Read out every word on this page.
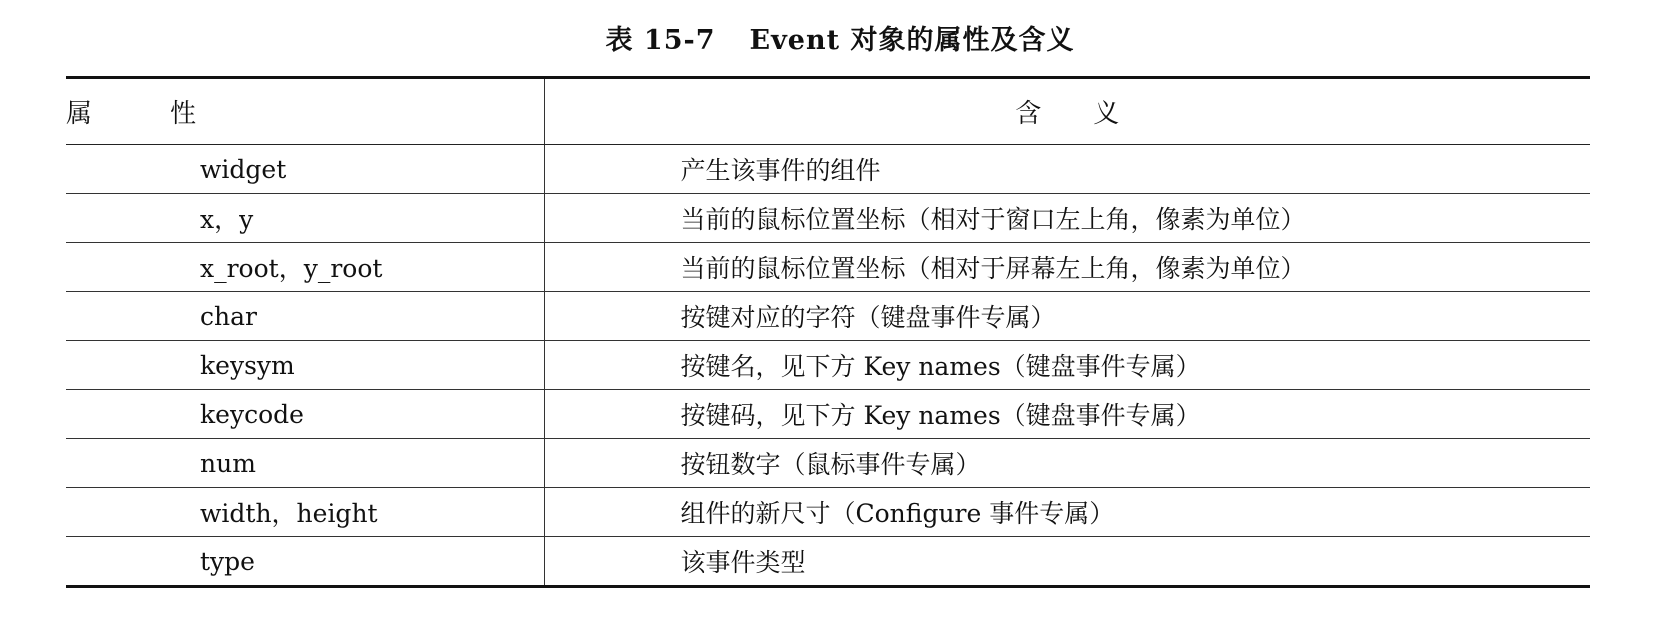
表 15-7 Event 对象的属性及含义
属　　　性	含　　义
widget	产生该事件的组件
x，y	当前的鼠标位置坐标（相对于窗口左上角，像素为单位）
x_root，y_root	当前的鼠标位置坐标（相对于屏幕左上角，像素为单位）
char	按键对应的字符（键盘事件专属）
keysym	按键名，见下方 Key names（键盘事件专属）
keycode	按键码，见下方 Key names（键盘事件专属）
num	按钮数字（鼠标事件专属）
width，height	组件的新尺寸（Configure 事件专属）
type	该事件类型
